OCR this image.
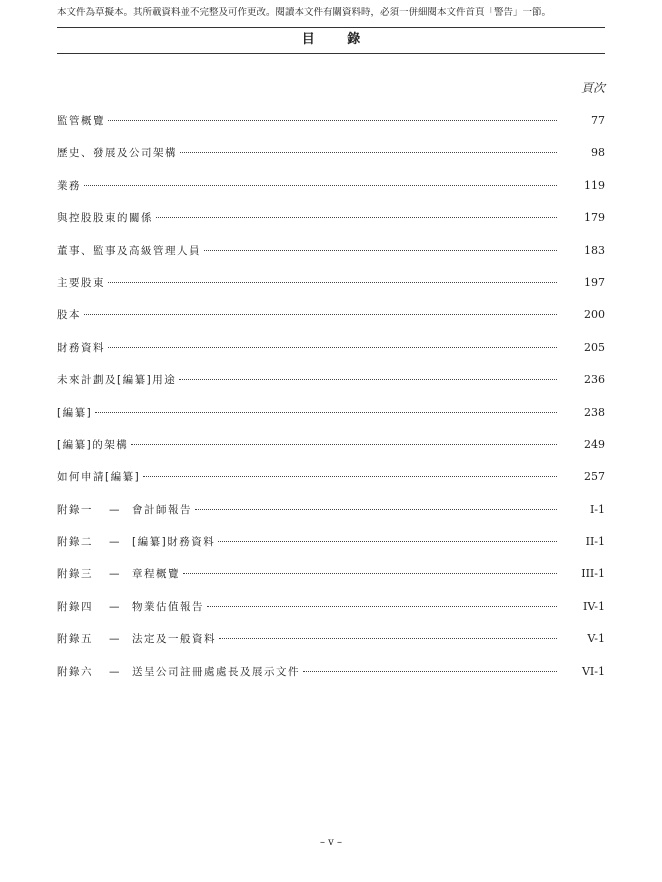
本文件為草擬本。其所載資料並不完整及可作更改。閱讀本文件有關資料時，必須一併細閱本文件首頁「警告」一節。
目 錄
頁次
監管概覽	77
歷史、發展及公司架構	98
業務	119
與控股股東的關係	179
董事、監事及高級管理人員	183
主要股東	197
股本	200
財務資料	205
未來計劃及[編纂]用途	236
[編纂]	238
[編纂]的架構	249
如何申請[編纂]	257
附錄一	—	會計師報告	I-1
附錄二	—	[編纂]財務資料	II-1
附錄三	—	章程概覽	III-1
附錄四	—	物業估值報告	IV-1
附錄五	—	法定及一般資料	V-1
附錄六	—	送呈公司註冊處處長及展示文件	VI-1
– v –
